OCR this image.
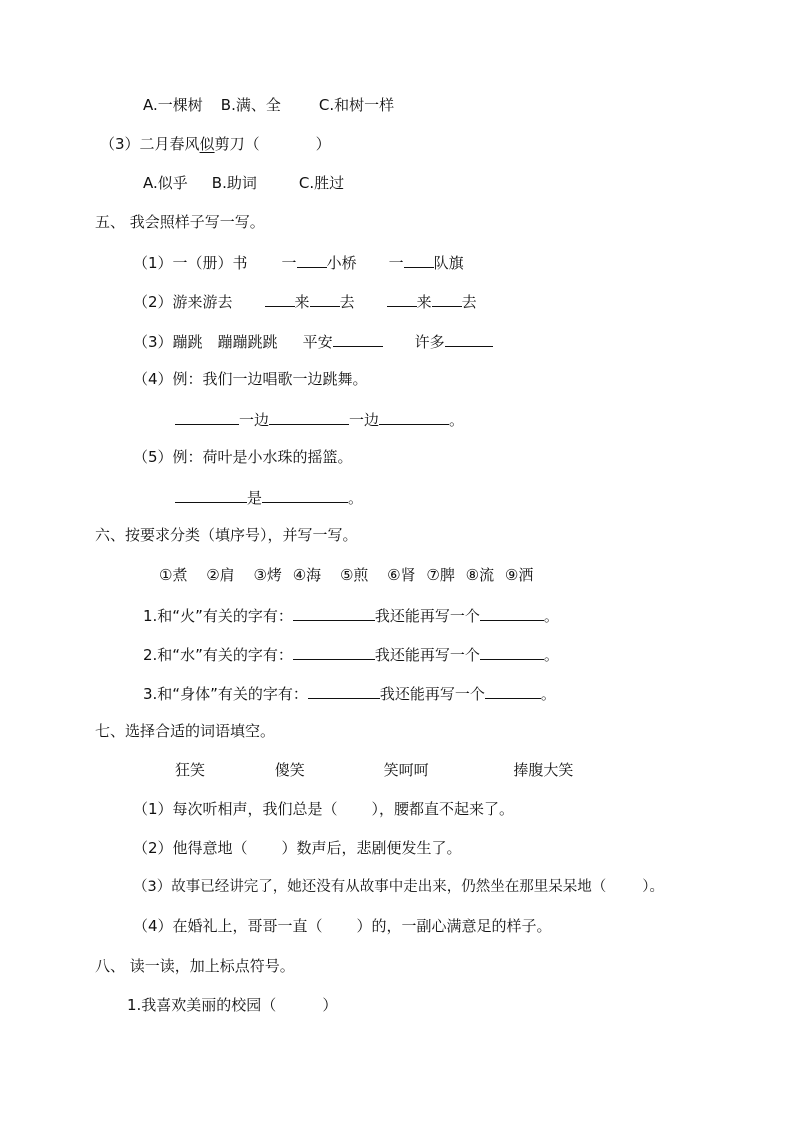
A.一棵树 B.满、全	C.和树一样
（3）二月春风似剪刀（	）
A.似乎 B.助词	C.胜过
五、 我会照样子写一写。
（1）一（册）书 一 小桥 一 队旗
（2）游来游去	来 去	来 去
（3）蹦跳 蹦蹦跳跳 平安	许多
（4）例：我们一边唱歌一边跳舞。
一边	一边	。
（5）例：荷叶是小水珠的摇篮。
是	。
六、按要求分类（填序号），并写一写。
①煮 ②肩 ③烤 ④海 ⑤煎 ⑥肾 ⑦脾 ⑧流 ⑨洒
1.和“火”有关的字有：	我还能再写一个	。
2.和“水”有关的字有：	我还能再写一个	。
3.和“身体”有关的字有：	我还能再写一个	。
七、选择合适的词语填空。
狂笑	傻笑	笑呵呵	捧腹大笑
（1）每次听相声，我们总是（ ），腰都直不起来了。
（2）他得意地（ ）数声后，悲剧便发生了。
（3）故事已经讲完了，她还没有从故事中走出来，仍然坐在那里呆呆地（ ）。
（4）在婚礼上，哥哥一直（ ）的，一副心满意足的样子。
八、 读一读，加上标点符号。
1.我喜欢美丽的校园（	）
